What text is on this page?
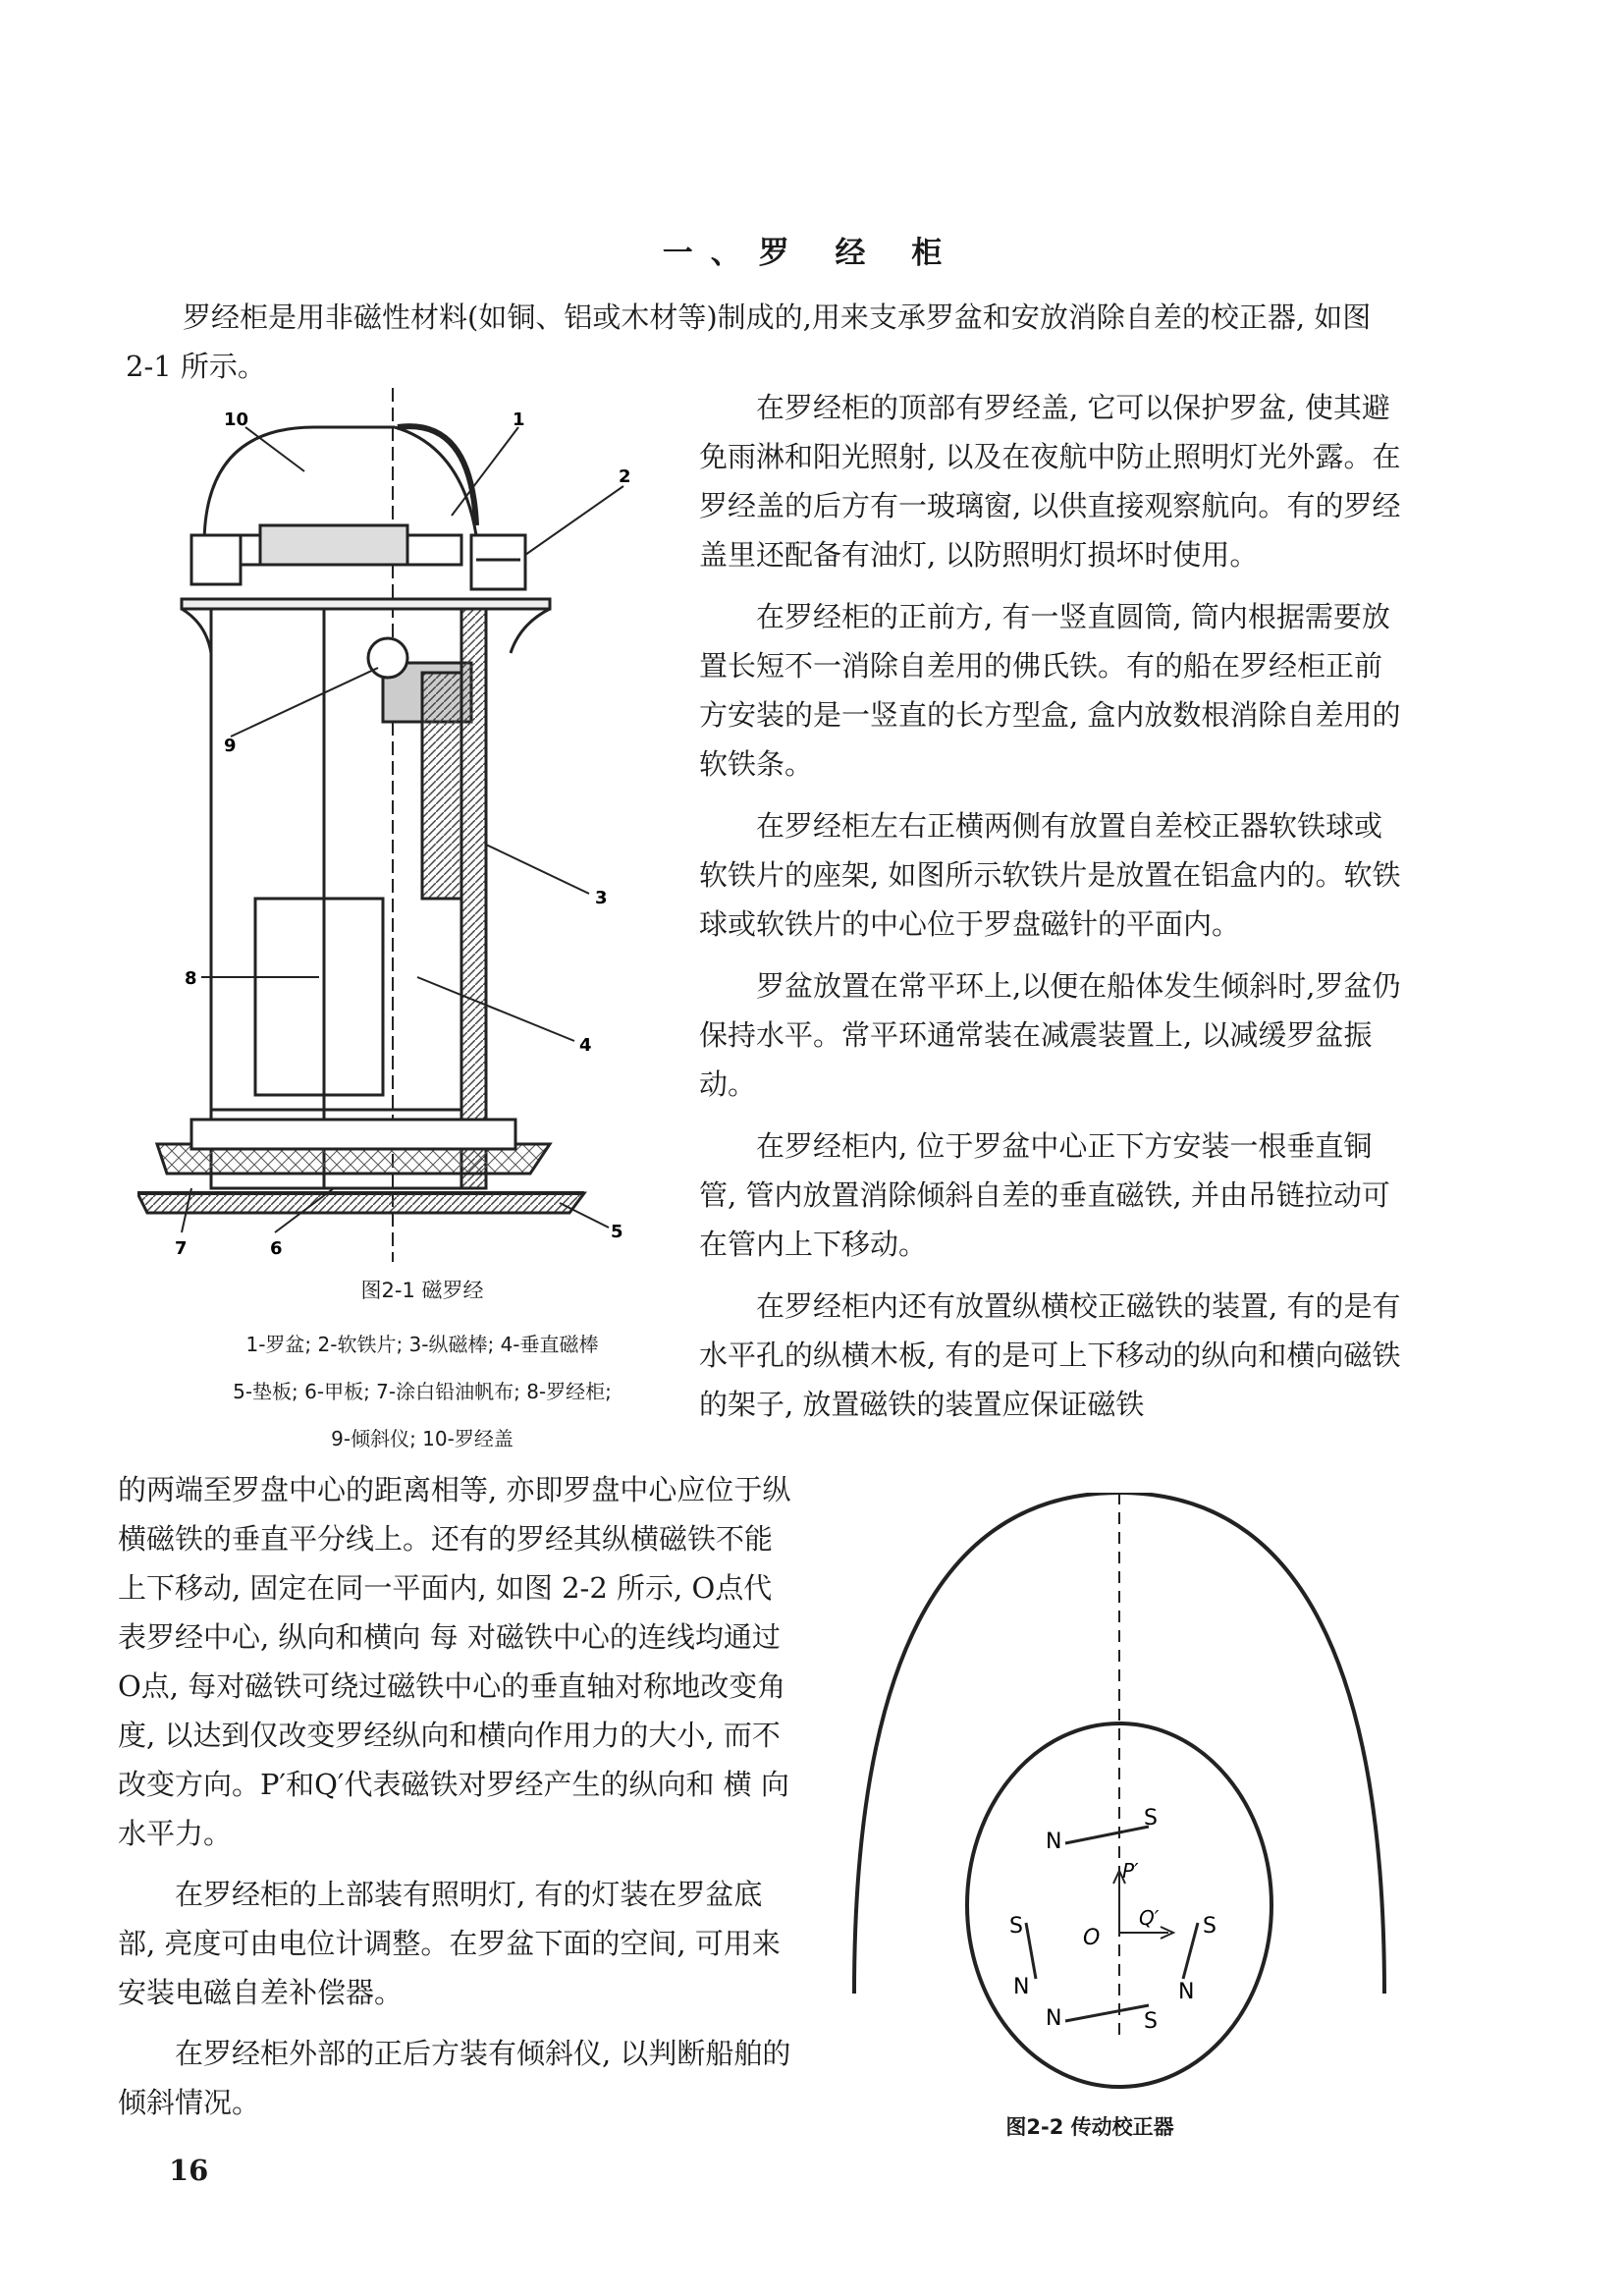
一、罗 经 柜

罗经柜是用非磁性材料(如铜、铝或木材等)制成的,用来支承罗盆和安放消除自差的校正器, 如图 2-1 所示。

10	1
2
9
3
8
4
7	6
5
图2-1 磁罗经
1-罗盆; 2-软铁片; 3-纵磁棒; 4-垂直磁棒
5-垫板; 6-甲板; 7-涂白铅油帆布; 8-罗经柜;
9-倾斜仪; 10-罗经盖

在罗经柜的顶部有罗经盖, 它可以保护罗盆, 使其避免雨淋和阳光照射, 以及在夜航中防止照明灯光外露。在罗经盖的后方有一玻璃窗, 以供直接观察航向。有的罗经盖里还配备有油灯, 以防照明灯损坏时使用。

在罗经柜的正前方, 有一竖直圆筒, 筒内根据需要放置长短不一消除自差用的佛氏铁。有的船在罗经柜正前方安装的是一竖直的长方型盒, 盒内放数根消除自差用的软铁条。

在罗经柜左右正横两侧有放置自差校正器软铁球或软铁片的座架, 如图所示软铁片是放置在铝盒内的。软铁球或软铁片的中心位于罗盘磁针的平面内。

罗盆放置在常平环上,以便在船体发生倾斜时,罗盆仍保持水平。常平环通常装在减震装置上, 以减缓罗盆振动。

在罗经柜内, 位于罗盆中心正下方安装一根垂直铜管, 管内放置消除倾斜自差的垂直磁铁, 并由吊链拉动可在管内上下移动。

在罗经柜内还有放置纵横校正磁铁的装置, 有的是有水平孔的纵横木板, 有的是可上下移动的纵向和横向磁铁的架子, 放置磁铁的装置应保证磁铁

的两端至罗盘中心的距离相等, 亦即罗盘中心应位于纵横磁铁的垂直平分线上。还有的罗经其纵横磁铁不能上下移动, 固定在同一平面内, 如图 2-2 所示, O点代表罗经中心, 纵向和横向 每 对磁铁中心的连线均通过O点, 每对磁铁可绕过磁铁中心的垂直轴对称地改变角度, 以达到仅改变罗经纵向和横向作用力的大小, 而不改变方向。P′和Q′代表磁铁对罗经产生的纵向和 横 向水平力。

在罗经柜的上部装有照明灯, 有的灯装在罗盆底部, 亮度可由电位计调整。在罗盆下面的空间, 可用来安装电磁自差补偿器。

在罗经柜外部的正后方装有倾斜仪, 以判断船舶的倾斜情况。

N
S
S
N
S
N
N	S
P′
Q′
O
图2-2 传动校正器
16
